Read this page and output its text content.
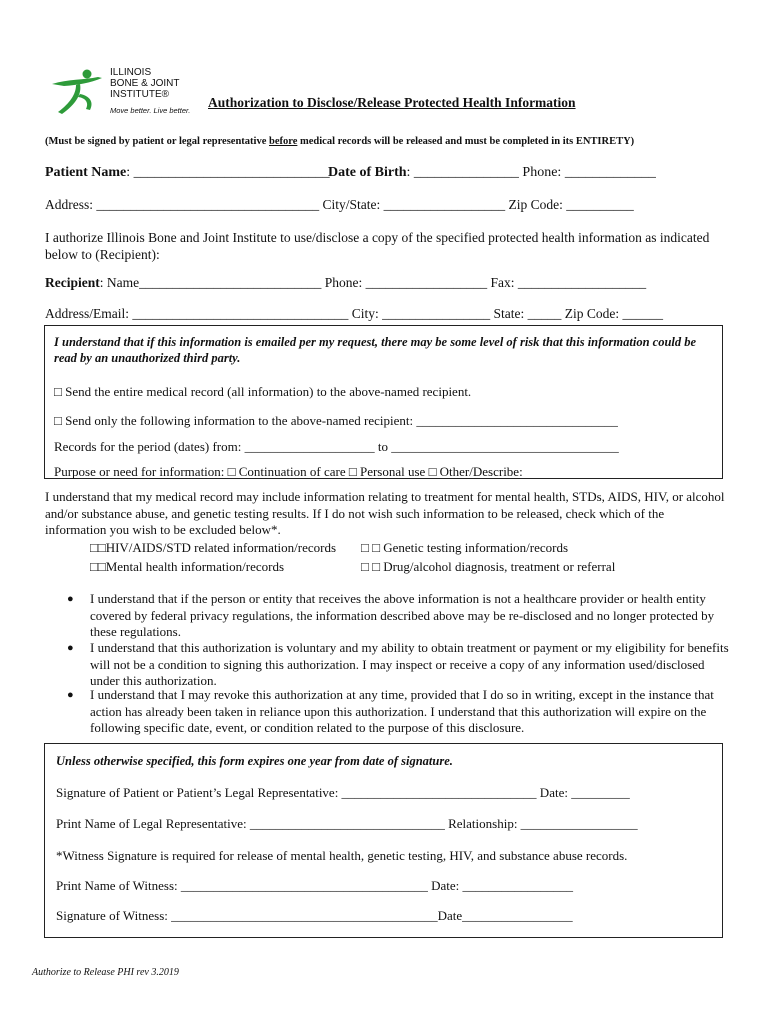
ILLINOIS
BONE & JOINT
INSTITUTE®
Move better. Live better.
Authorization to Disclose/Release Protected Health Information
(Must be signed by patient or legal representative before medical records will be released and must be completed in its ENTIRETY)
Patient Name: ____________________________
Date of Birth: _______________ Phone: _____________
Address: _________________________________ City/State: __________________ Zip Code: __________
I authorize Illinois Bone and Joint Institute to use/disclose a copy of the specified protected health information as indicated below to (Recipient):
Recipient: Name___________________________ Phone: __________________ Fax: ___________________
Address/Email: ________________________________ City: ________________ State: _____ Zip Code: ______
I understand that if this information is emailed per my request, there may be some level of risk that this information could be read by an unauthorized third party.
□ Send the entire medical record (all information) to the above-named recipient.
□ Send only the following information to the above-named recipient: _______________________________
Records for the period (dates) from: ____________________ to ___________________________________
Purpose or need for information: □ Continuation of care □ Personal use □ Other/Describe:
I understand that my medical record may include information relating to treatment for mental health, STDs, AIDS, HIV, or alcohol and/or substance abuse, and genetic testing results. If I do not wish such information to be released, check which of the information you wish to be excluded below*.
□□HIV/AIDS/STD related information/records □ □ Genetic testing information/records
□□Mental health information/records	□ □ Drug/alcohol diagnosis, treatment or referral
● I understand that if the person or entity that receives the above information is not a healthcare provider or health entity covered by federal privacy regulations, the information described above may be re-disclosed and no longer protected by these regulations.
● I understand that this authorization is voluntary and my ability to obtain treatment or payment or my eligibility for benefits will not be a condition to signing this authorization. I may inspect or receive a copy of any information used/disclosed under this authorization.
● I understand that I may revoke this authorization at any time, provided that I do so in writing, except in the instance that action has already been taken in reliance upon this authorization. I understand that this authorization will expire on the following specific date, event, or condition related to the purpose of this disclosure.
Unless otherwise specified, this form expires one year from date of signature.
Signature of Patient or Patient’s Legal Representative: ______________________________ Date: _________
Print Name of Legal Representative: ______________________________ Relationship: __________________
*Witness Signature is required for release of mental health, genetic testing, HIV, and substance abuse records.
Print Name of Witness: ______________________________________ Date: _________________
Signature of Witness: _________________________________________Date_________________
Authorize to Release PHI rev 3.2019
